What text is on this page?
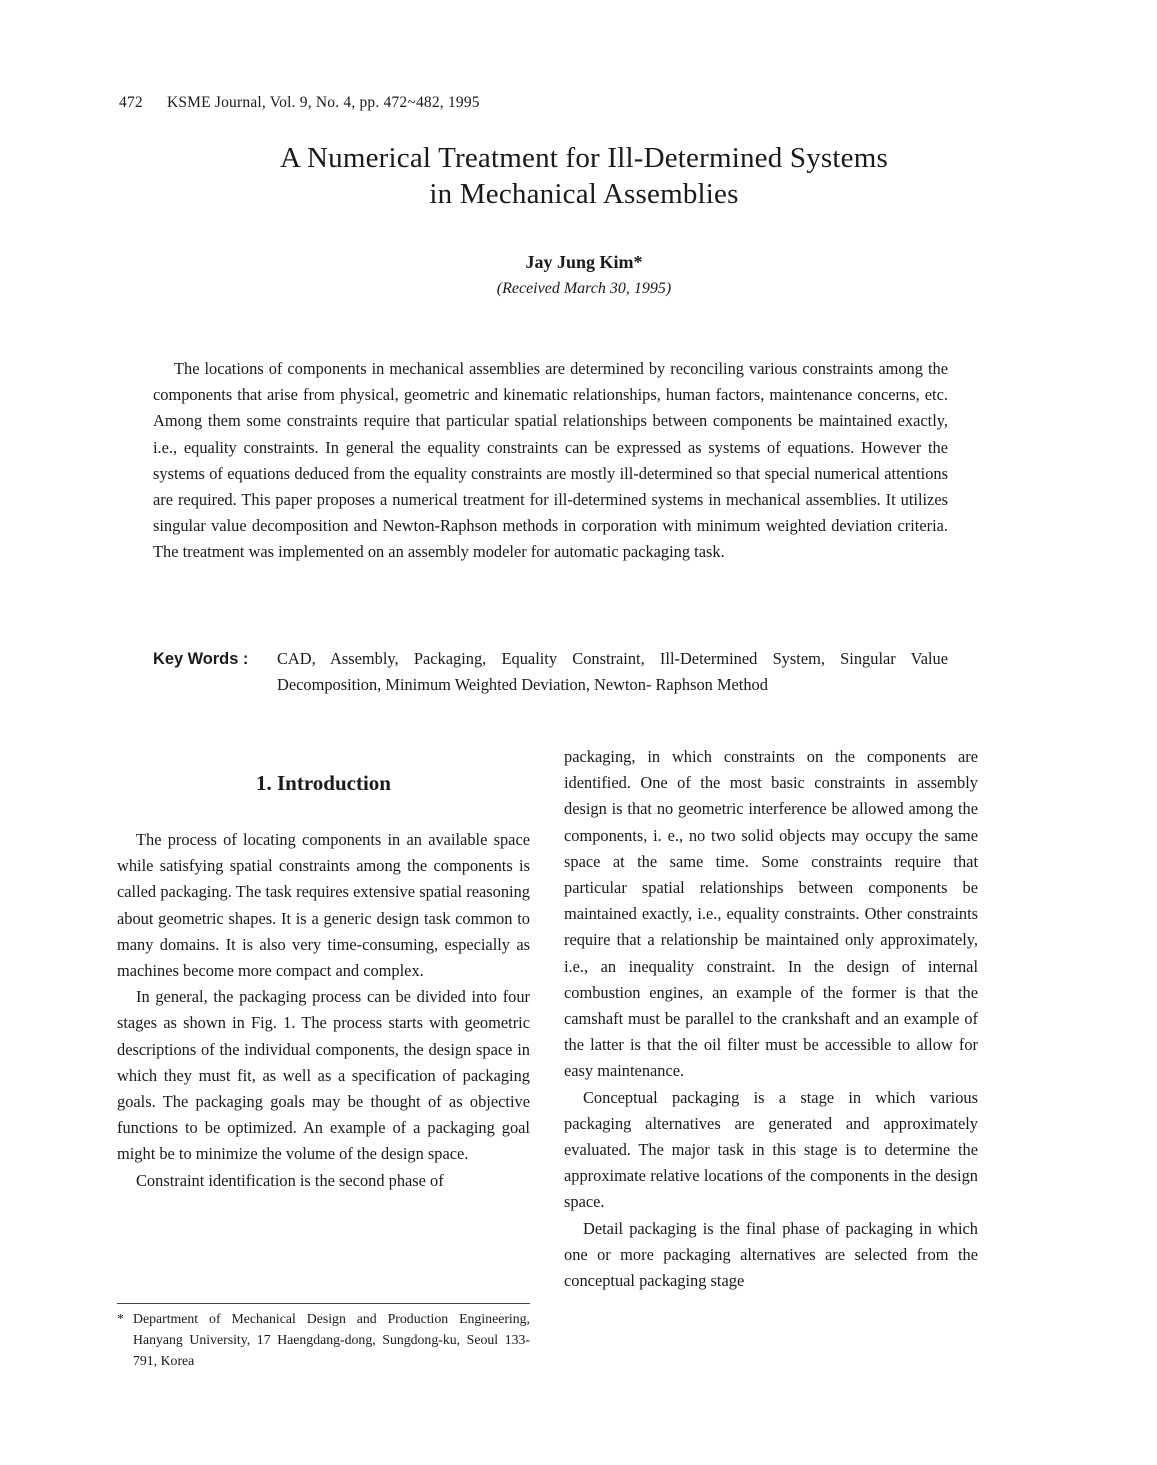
472 KSME Journal, Vol. 9, No. 4, pp. 472~482, 1995
A Numerical Treatment for Ill-Determined Systems
in Mechanical Assemblies
Jay Jung Kim*
(Received March 30, 1995)

The locations of components in mechanical assemblies are determined by reconciling various constraints among the components that arise from physical, geometric and kinematic relationships, human factors, maintenance concerns, etc. Among them some constraints require that particular spatial relationships between components be maintained exactly, i.e., equality constraints. In general the equality constraints can be expressed as systems of equations. However the systems of equations deduced from the equality constraints are mostly ill-determined so that special numerical attentions are required. This paper proposes a numerical treatment for ill-determined systems in mechanical assemblies. It utilizes singular value decomposition and Newton-Raphson methods in corporation with minimum weighted deviation criteria. The treatment was implemented on an assembly modeler for automatic packaging task.

Key Words :	CAD, Assembly, Packaging, Equality Constraint, Ill-Determined System, Singular Value Decomposition, Minimum Weighted Deviation, Newton- Raphson Method
1. Introduction

The process of locating components in an available space while satisfying spatial constraints among the components is called packaging. The task requires extensive spatial reasoning about geometric shapes. It is a generic design task common to many domains. It is also very time-consuming, especially as machines become more compact and complex.

In general, the packaging process can be divided into four stages as shown in Fig. 1. The process starts with geometric descriptions of the individual components, the design space in which they must fit, as well as a specification of packaging goals. The packaging goals may be thought of as objective functions to be optimized. An example of a packaging goal might be to minimize the volume of the design space.

Constraint identification is the second phase of

packaging, in which constraints on the components are identified. One of the most basic constraints in assembly design is that no geometric interference be allowed among the components, i. e., no two solid objects may occupy the same space at the same time. Some constraints require that particular spatial relationships between components be maintained exactly, i.e., equality constraints. Other constraints require that a relationship be maintained only approximately, i.e., an inequality constraint. In the design of internal combustion engines, an example of the former is that the camshaft must be parallel to the crankshaft and an example of the latter is that the oil filter must be accessible to allow for easy maintenance.

Conceptual packaging is a stage in which various packaging alternatives are generated and approximately evaluated. The major task in this stage is to determine the approximate relative locations of the components in the design space.

Detail packaging is the final phase of packaging in which one or more packaging alternatives are selected from the conceptual packaging stage

* Department of Mechanical Design and Production Engineering, Hanyang University, 17 Haengdang-dong, Sungdong-ku, Seoul 133-791, Korea
